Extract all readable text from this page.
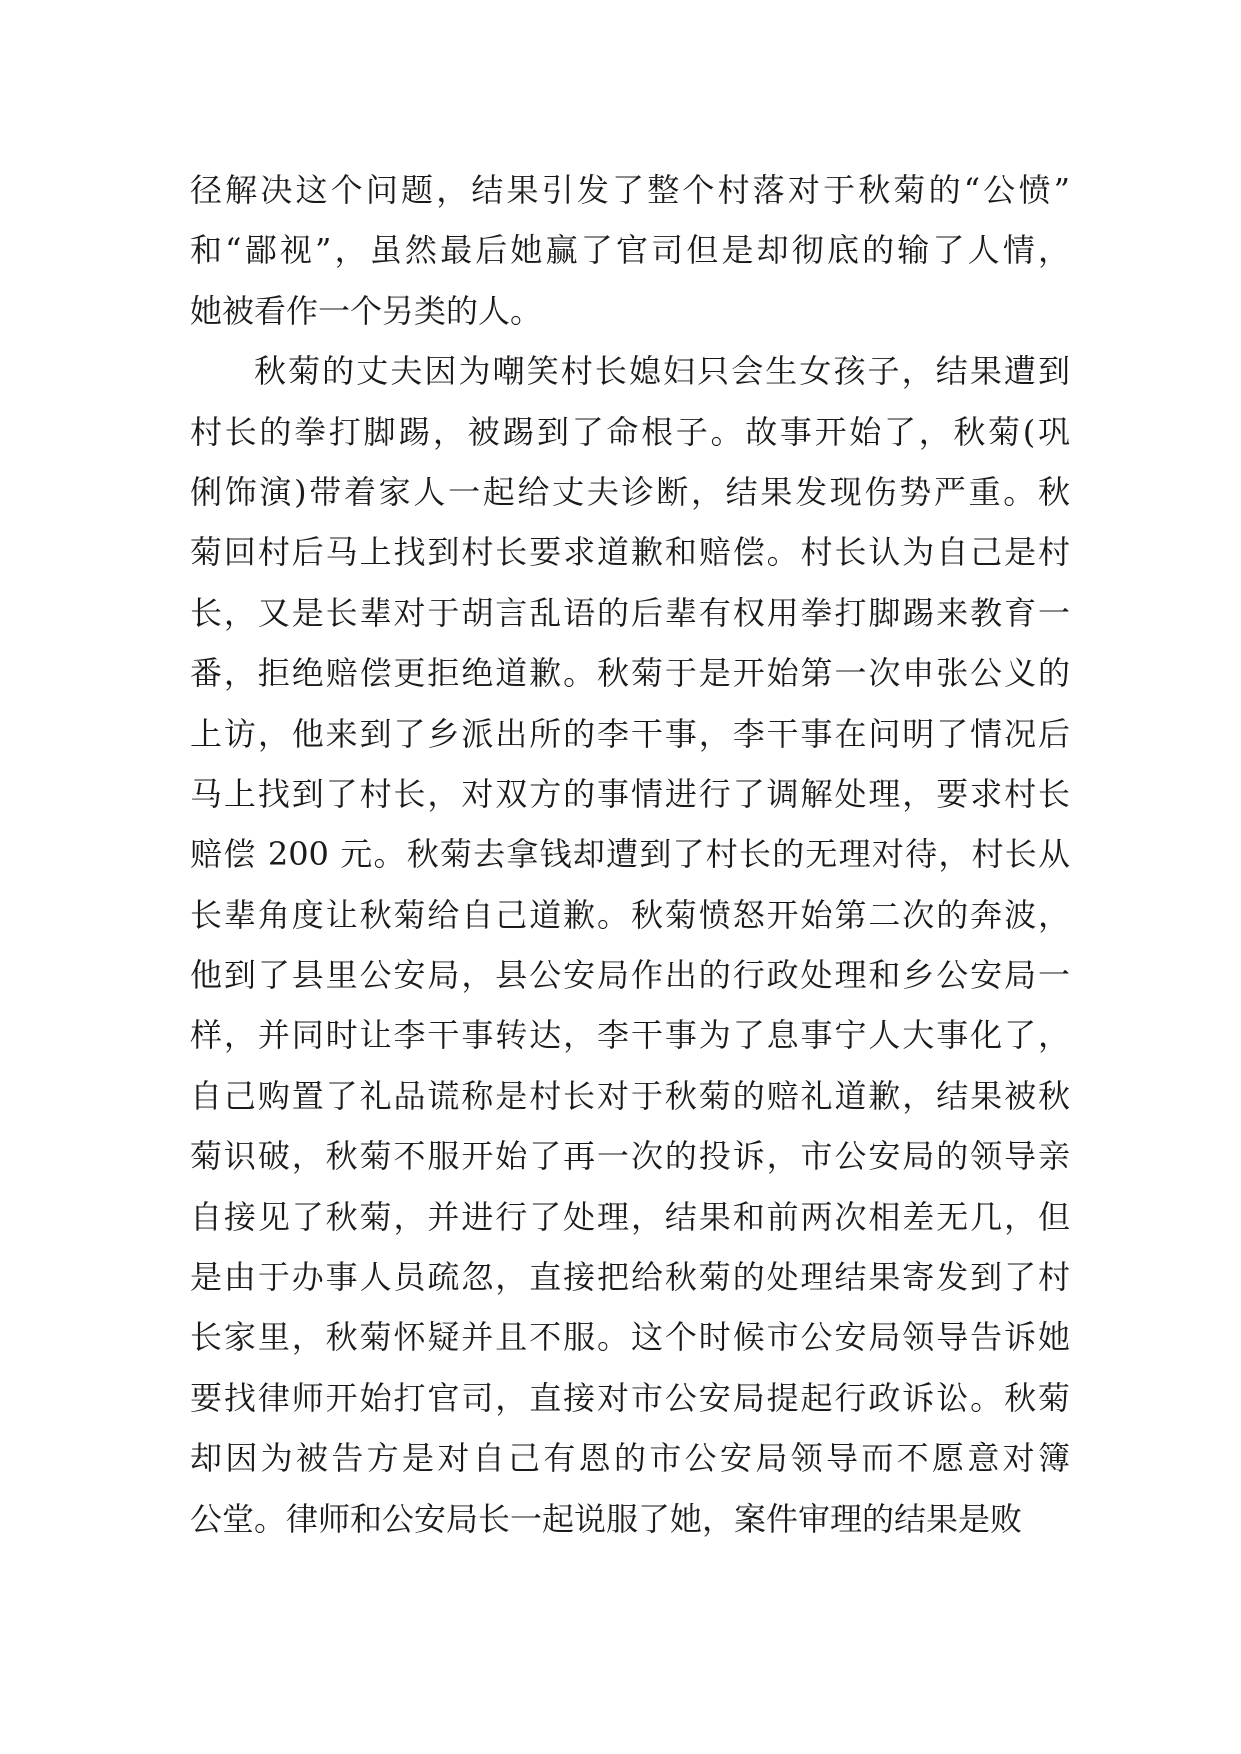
径解决这个问题，结果引发了整个村落对于秋菊的“公愤”
和“鄙视”，虽然最后她赢了官司但是却彻底的输了人情，
她被看作一个另类的人。
秋菊的丈夫因为嘲笑村长媳妇只会生女孩子，结果遭到
村长的拳打脚踢，被踢到了命根子。故事开始了，秋菊(巩
俐饰演)带着家人一起给丈夫诊断，结果发现伤势严重。秋
菊回村后马上找到村长要求道歉和赔偿。村长认为自己是村
长，又是长辈对于胡言乱语的后辈有权用拳打脚踢来教育一
番，拒绝赔偿更拒绝道歉。秋菊于是开始第一次申张公义的
上访，他来到了乡派出所的李干事，李干事在问明了情况后
马上找到了村长，对双方的事情进行了调解处理，要求村长
赔偿 200 元。秋菊去拿钱却遭到了村长的无理对待，村长从
长辈角度让秋菊给自己道歉。秋菊愤怒开始第二次的奔波，
他到了县里公安局，县公安局作出的行政处理和乡公安局一
样，并同时让李干事转达，李干事为了息事宁人大事化了，
自己购置了礼品谎称是村长对于秋菊的赔礼道歉，结果被秋
菊识破，秋菊不服开始了再一次的投诉，市公安局的领导亲
自接见了秋菊，并进行了处理，结果和前两次相差无几，但
是由于办事人员疏忽，直接把给秋菊的处理结果寄发到了村
长家里，秋菊怀疑并且不服。这个时候市公安局领导告诉她
要找律师开始打官司，直接对市公安局提起行政诉讼。秋菊
却因为被告方是对自己有恩的市公安局领导而不愿意对簿
公堂。律师和公安局长一起说服了她，案件审理的结果是败
